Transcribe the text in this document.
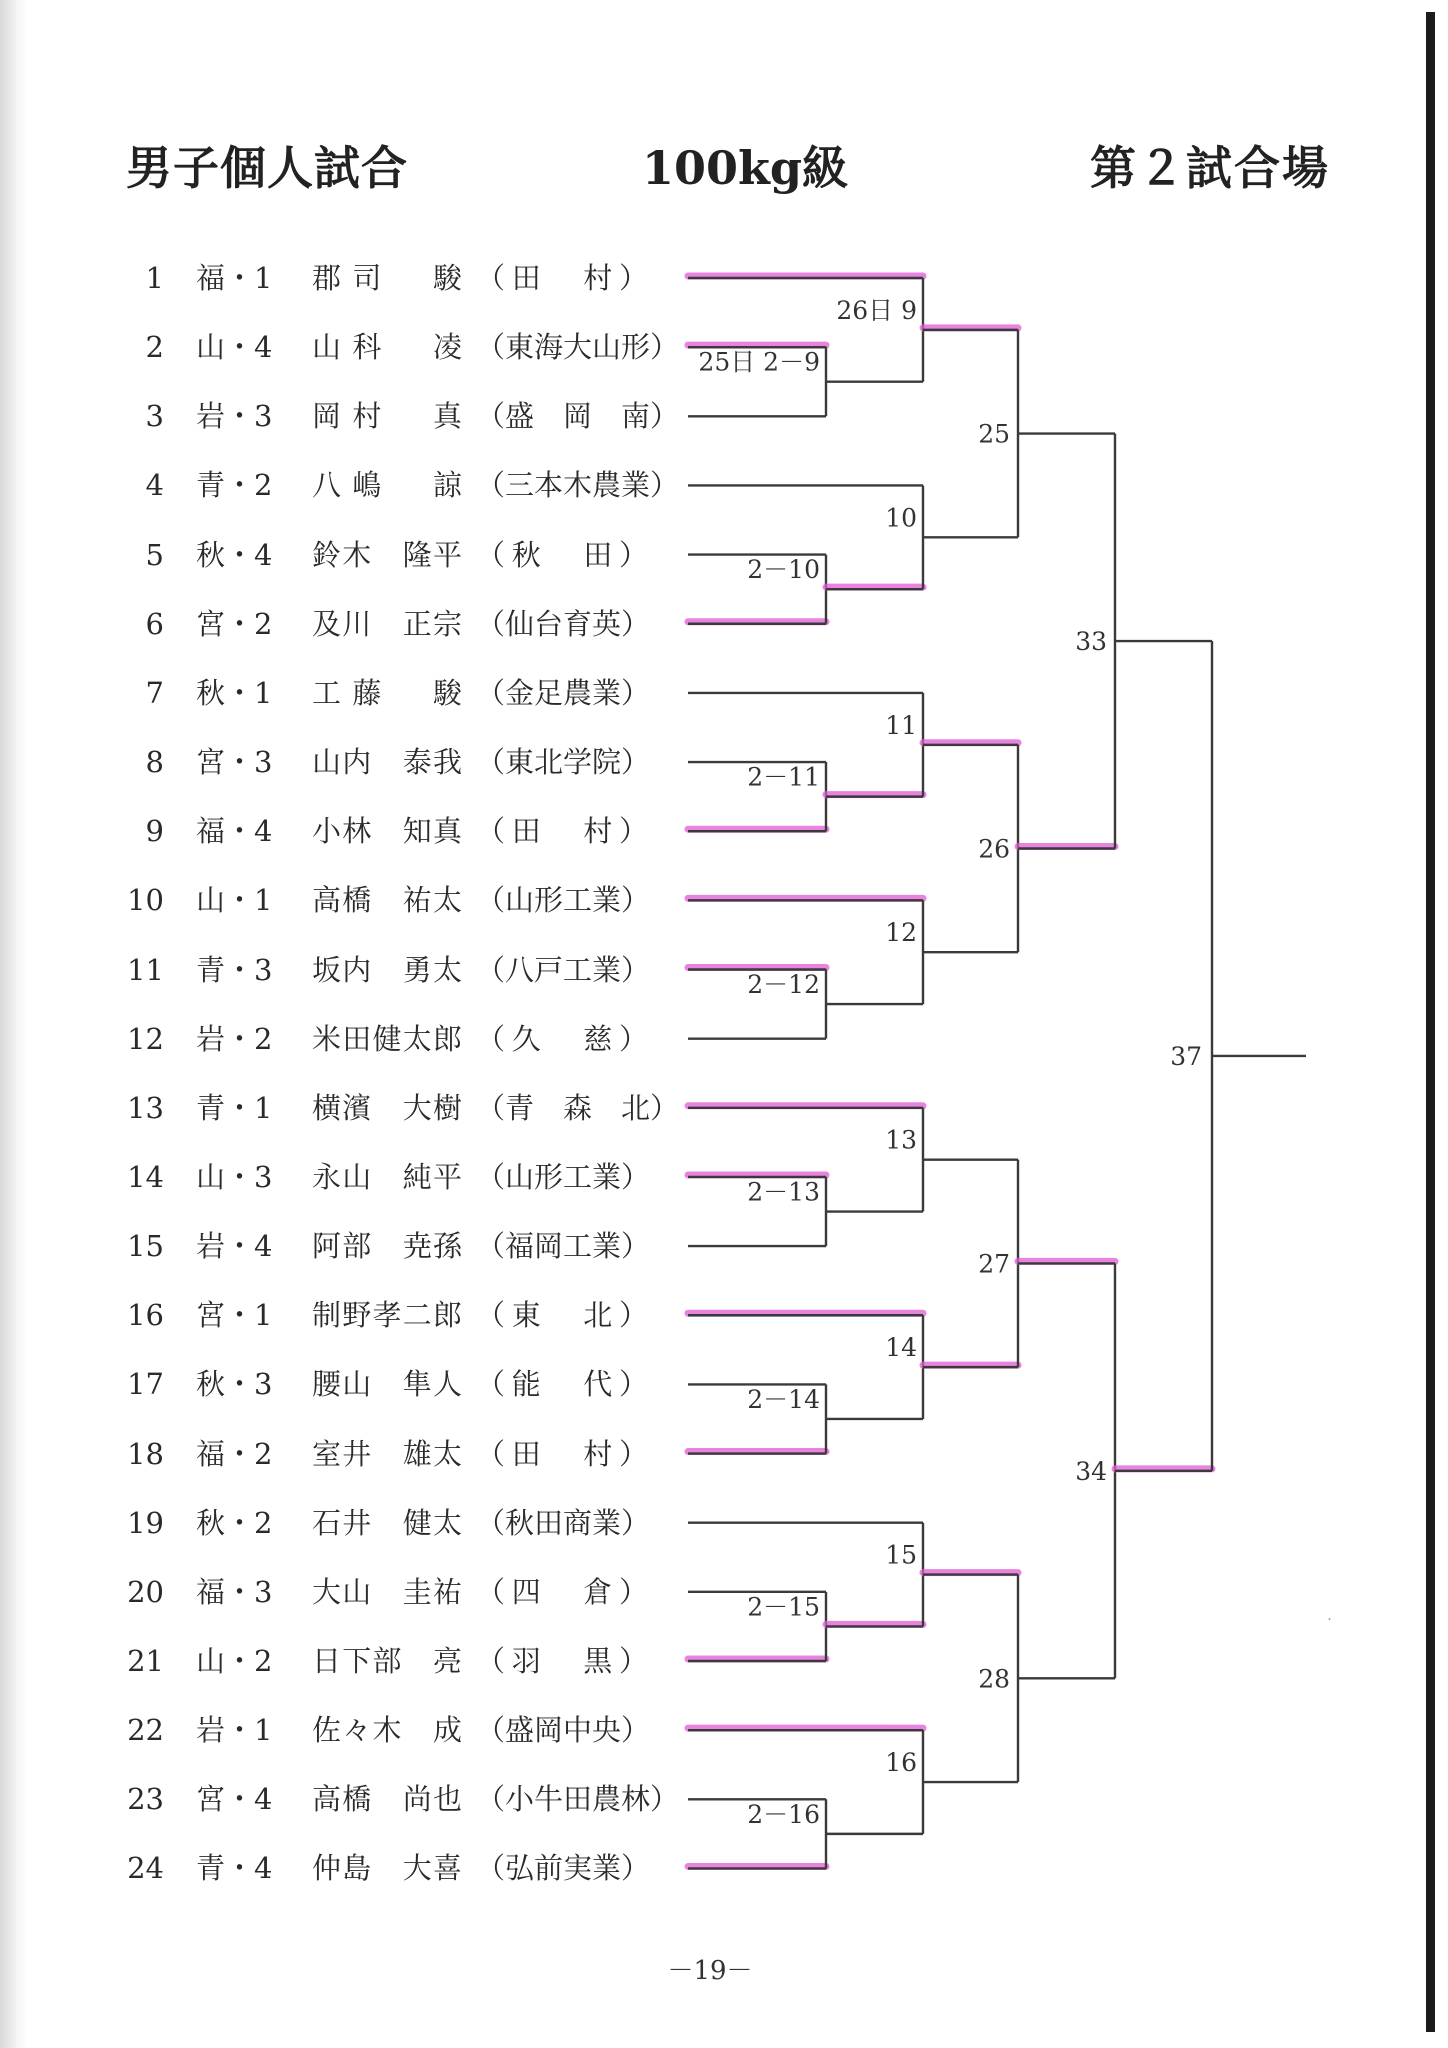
男子個人試合	100kg級	第２試合場
1 福・1 郡司　駿 （田　村）
2 山・4 山科　凌 （東海大山形）
3 岩・3 岡村　真 （盛　岡　南）
4 青・2 八嶋　諒 （三本木農業）
5 秋・4 鈴木　隆平 （秋　田）
6 宮・2 及川　正宗 （仙台育英）
7 秋・1 工藤　駿 （金足農業）
8 宮・3 山内　泰我 （東北学院）
9 福・4 小林　知真 （田　村）
10 山・1 高橋　祐太 （山形工業）
11 青・3 坂内　勇太 （八戸工業）
12 岩・2 米田健太郎 （久　慈）
13 青・1 横濱　大樹 （青　森　北）
14 山・3 永山　純平 （山形工業）
15 岩・4 阿部　尭孫 （福岡工業）
16 宮・1 制野孝二郎 （東　北）
17 秋・3 腰山　隼人 （能　代）
18 福・2 室井　雄太 （田　村）
19 秋・2 石井　健太 （秋田商業）
20 福・3 大山　圭祐 （四　倉）
21 山・2 日下部　亮 （羽　黒）
22 岩・1 佐々木　成 （盛岡中央）
23 宮・4 高橋　尚也 （小牛田農林）
24 青・4 仲島　大喜 （弘前実業）
25日 2－9
26日 9
2－10
10
2－11
11
2－12
12
2－13
13
2－14
14
2－15
15
2－16
16
25
26
27
28
33
34
37
－19－
･
